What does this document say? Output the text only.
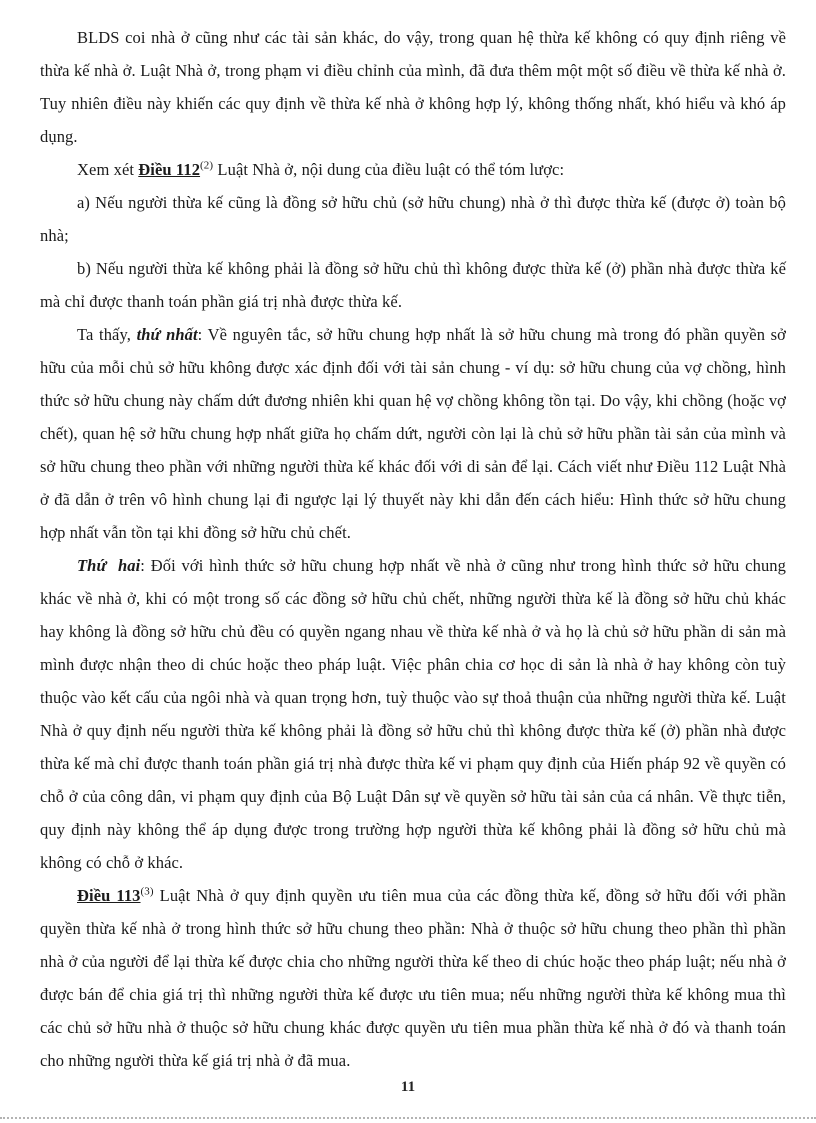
BLDS coi nhà ở cũng như các tài sản khác, do vậy, trong quan hệ thừa kế không có quy định riêng về thừa kế nhà ở. Luật Nhà ở, trong phạm vi điều chỉnh của mình, đã đưa thêm một một số điều về thừa kế nhà ở. Tuy nhiên điều này khiến các quy định về thừa kế nhà ở không hợp lý, không thống nhất, khó hiểu và khó áp dụng.

Xem xét Điều 112$^{(2)}$ Luật Nhà ở, nội dung của điều luật có thể tóm lược:

a) Nếu người thừa kế cũng là đồng sở hữu chủ (sở hữu chung) nhà ở thì được thừa kế (được ở) toàn bộ nhà;

b) Nếu người thừa kế không phải là đồng sở hữu chủ thì không được thừa kế (ở) phần nhà được thừa kế mà chỉ được thanh toán phần giá trị nhà được thừa kế.

Ta thấy, thứ nhất: Về nguyên tắc, sở hữu chung hợp nhất là sở hữu chung mà trong đó phần quyền sở hữu của mỗi chủ sở hữu không được xác định đối với tài sản chung - ví dụ: sở hữu chung của vợ chồng, hình thức sở hữu chung này chấm dứt đương nhiên khi quan hệ vợ chồng không tồn tại. Do vậy, khi chồng (hoặc vợ chết), quan hệ sở hữu chung hợp nhất giữa họ chấm dứt, người còn lại là chủ sở hữu phần tài sản của mình và sở hữu chung theo phần với những người thừa kế khác đối với di sản để lại. Cách viết như Điều 112 Luật Nhà ở đã dẫn ở trên vô hình chung lại đi ngược lại lý thuyết này khi dẫn đến cách hiểu: Hình thức sở hữu chung hợp nhất vẫn tồn tại khi đồng sở hữu chủ chết.

Thứ  hai: Đối với hình thức sở hữu chung hợp nhất về nhà ở cũng như trong hình thức sở hữu chung khác về nhà ở, khi có một trong số các đồng sở hữu chủ chết, những người thừa kế là đồng sở hữu chủ khác hay không là đồng sở hữu chủ đều có quyền ngang nhau về thừa kế nhà ở và họ là chủ sở hữu phần di sản mà mình được nhận theo di chúc hoặc theo pháp luật. Việc phân chia cơ học di sản là nhà ở hay không còn tuỳ thuộc vào kết cấu của ngôi nhà và quan trọng hơn, tuỳ thuộc vào sự thoả thuận của những người thừa kế. Luật Nhà ở quy định nếu người thừa kế không phải là đồng sở hữu chủ thì không được thừa kế (ở) phần nhà được thừa kế mà chỉ được thanh toán phần giá trị nhà được thừa kế vi phạm quy định của Hiến pháp 92 về quyền có chỗ ở của công dân, vi phạm quy định của Bộ Luật Dân sự về quyền sở hữu tài sản của cá nhân. Về thực tiễn, quy định này không thể áp dụng được trong trường hợp người thừa kế không phải là đồng sở hữu chủ mà  không có chỗ ở khác.

Điều 113$^{(3)}$ Luật Nhà ở quy định quyền ưu tiên mua của các đồng thừa kế, đồng sở hữu đối với phần quyền thừa kế nhà ở trong hình thức sở hữu chung theo phần: Nhà ở thuộc sở hữu chung theo phần thì phần nhà ở của người để lại thừa kế được chia cho những người thừa kế theo di chúc hoặc theo pháp luật; nếu nhà ở được bán để chia giá trị thì những người thừa kế được ưu tiên mua; nếu những người thừa kế không mua thì các chủ sở hữu nhà ở thuộc sở hữu chung khác được quyền ưu tiên mua phần thừa kế nhà ở đó và thanh toán cho những người thừa kế giá trị nhà ở đã mua.

11
